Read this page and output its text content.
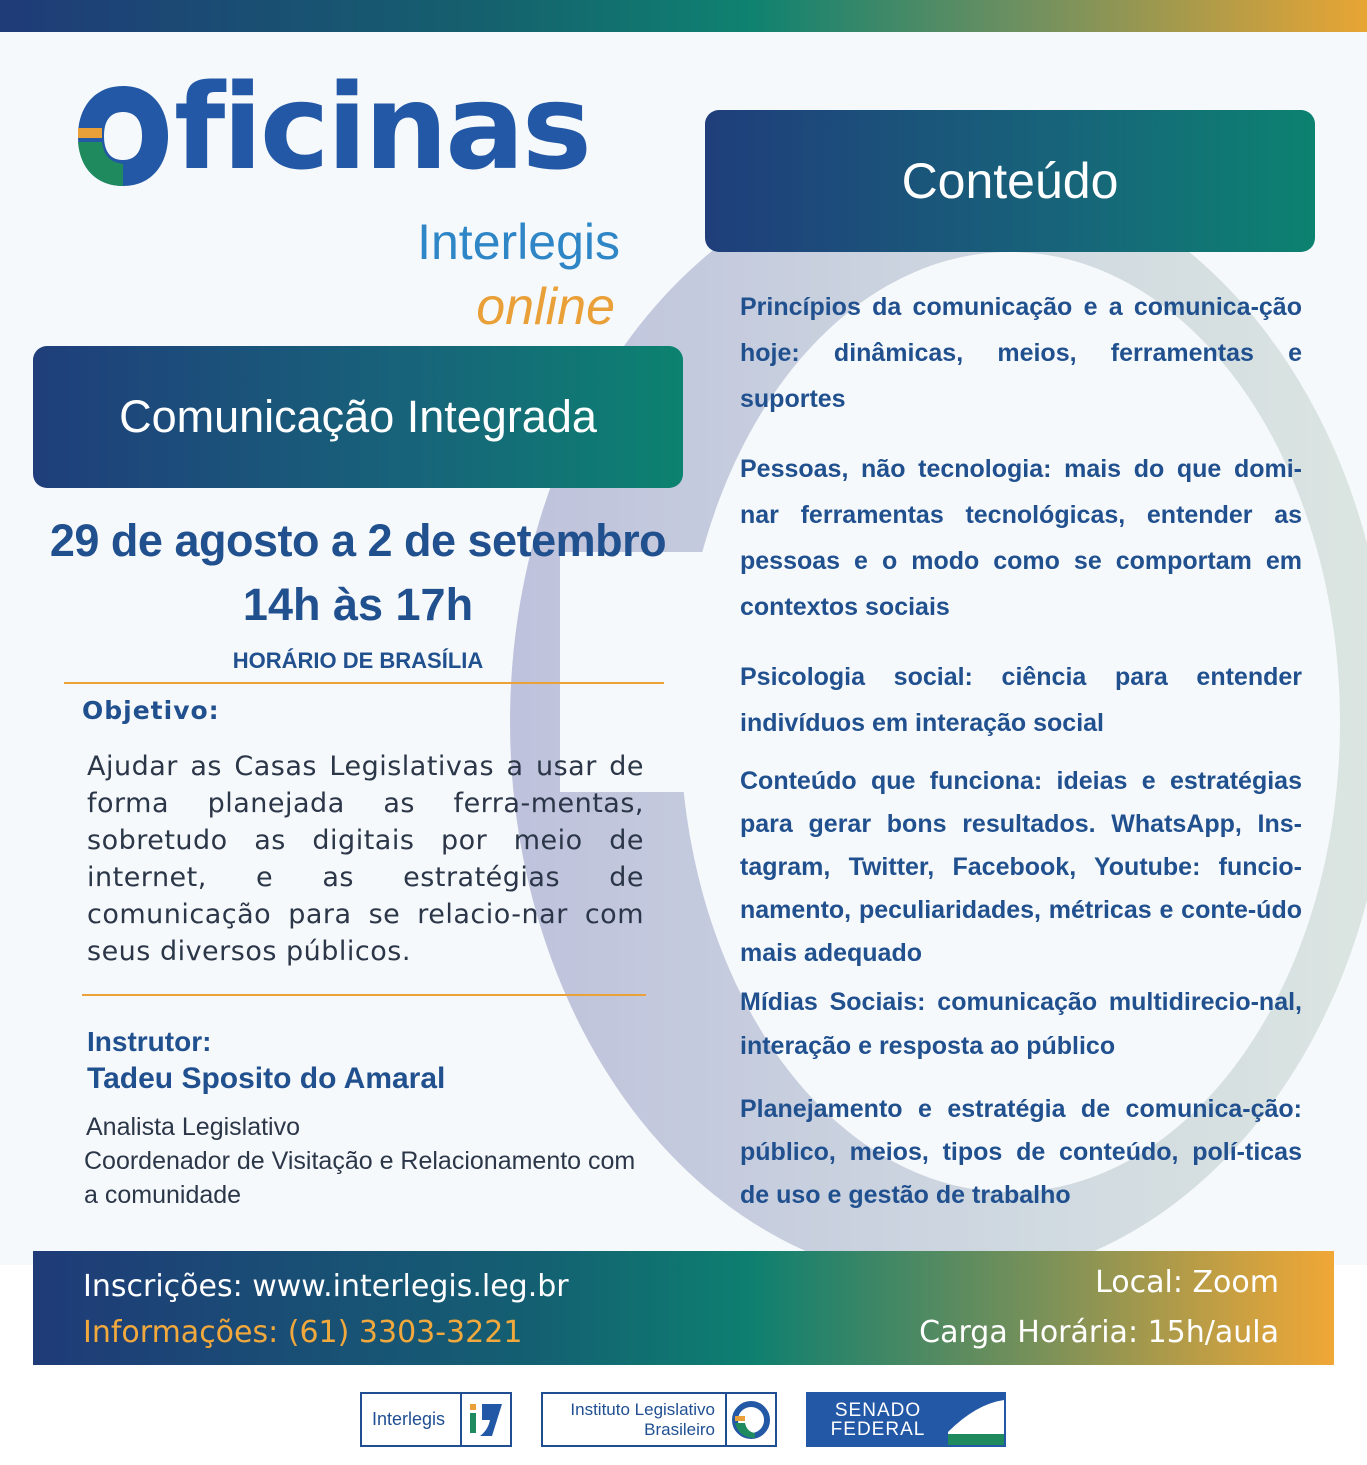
ficinas
Interlegis
online
Comunicação Integrada
29 de agosto a 2 de setembro
14h às 17h
HORÁRIO DE BRASÍLIA
Objetivo:
Ajudar as Casas Legislativas a usar de forma planejada as ferra-mentas, sobretudo as digitais por meio de internet, e as estratégias de comunicação para se relacio-nar com seus diversos públicos.
Instrutor:
Tadeu Sposito do Amaral
Analista Legislativo
Coordenador de Visitação e Relacionamento com a comunidade
Conteúdo
Princípios da comunicação e a comunica-ção hoje: dinâmicas, meios, ferramentas e suportes
Pessoas, não tecnologia: mais do que domi-nar ferramentas tecnológicas, entender as pessoas e o modo como se comportam em contextos sociais
Psicologia social: ciência para entender indivíduos em interação social
Conteúdo que funciona: ideias e estratégias para gerar bons resultados. WhatsApp, Ins-tagram, Twitter, Facebook, Youtube: funcio-namento, peculiaridades, métricas e conte-údo mais adequado
Mídias Sociais: comunicação multidirecio-nal, interação e resposta ao público
Planejamento e estratégia de comunica-ção: público, meios, tipos de conteúdo, polí-ticas de uso e gestão de trabalho
Inscrições: www.interlegis.leg.br
Informações: (61) 3303-3221
Local: Zoom
Carga Horária: 15h/aula
Interlegis	Instituto Legislativo
Brasileiro
SENADO
FEDERAL
